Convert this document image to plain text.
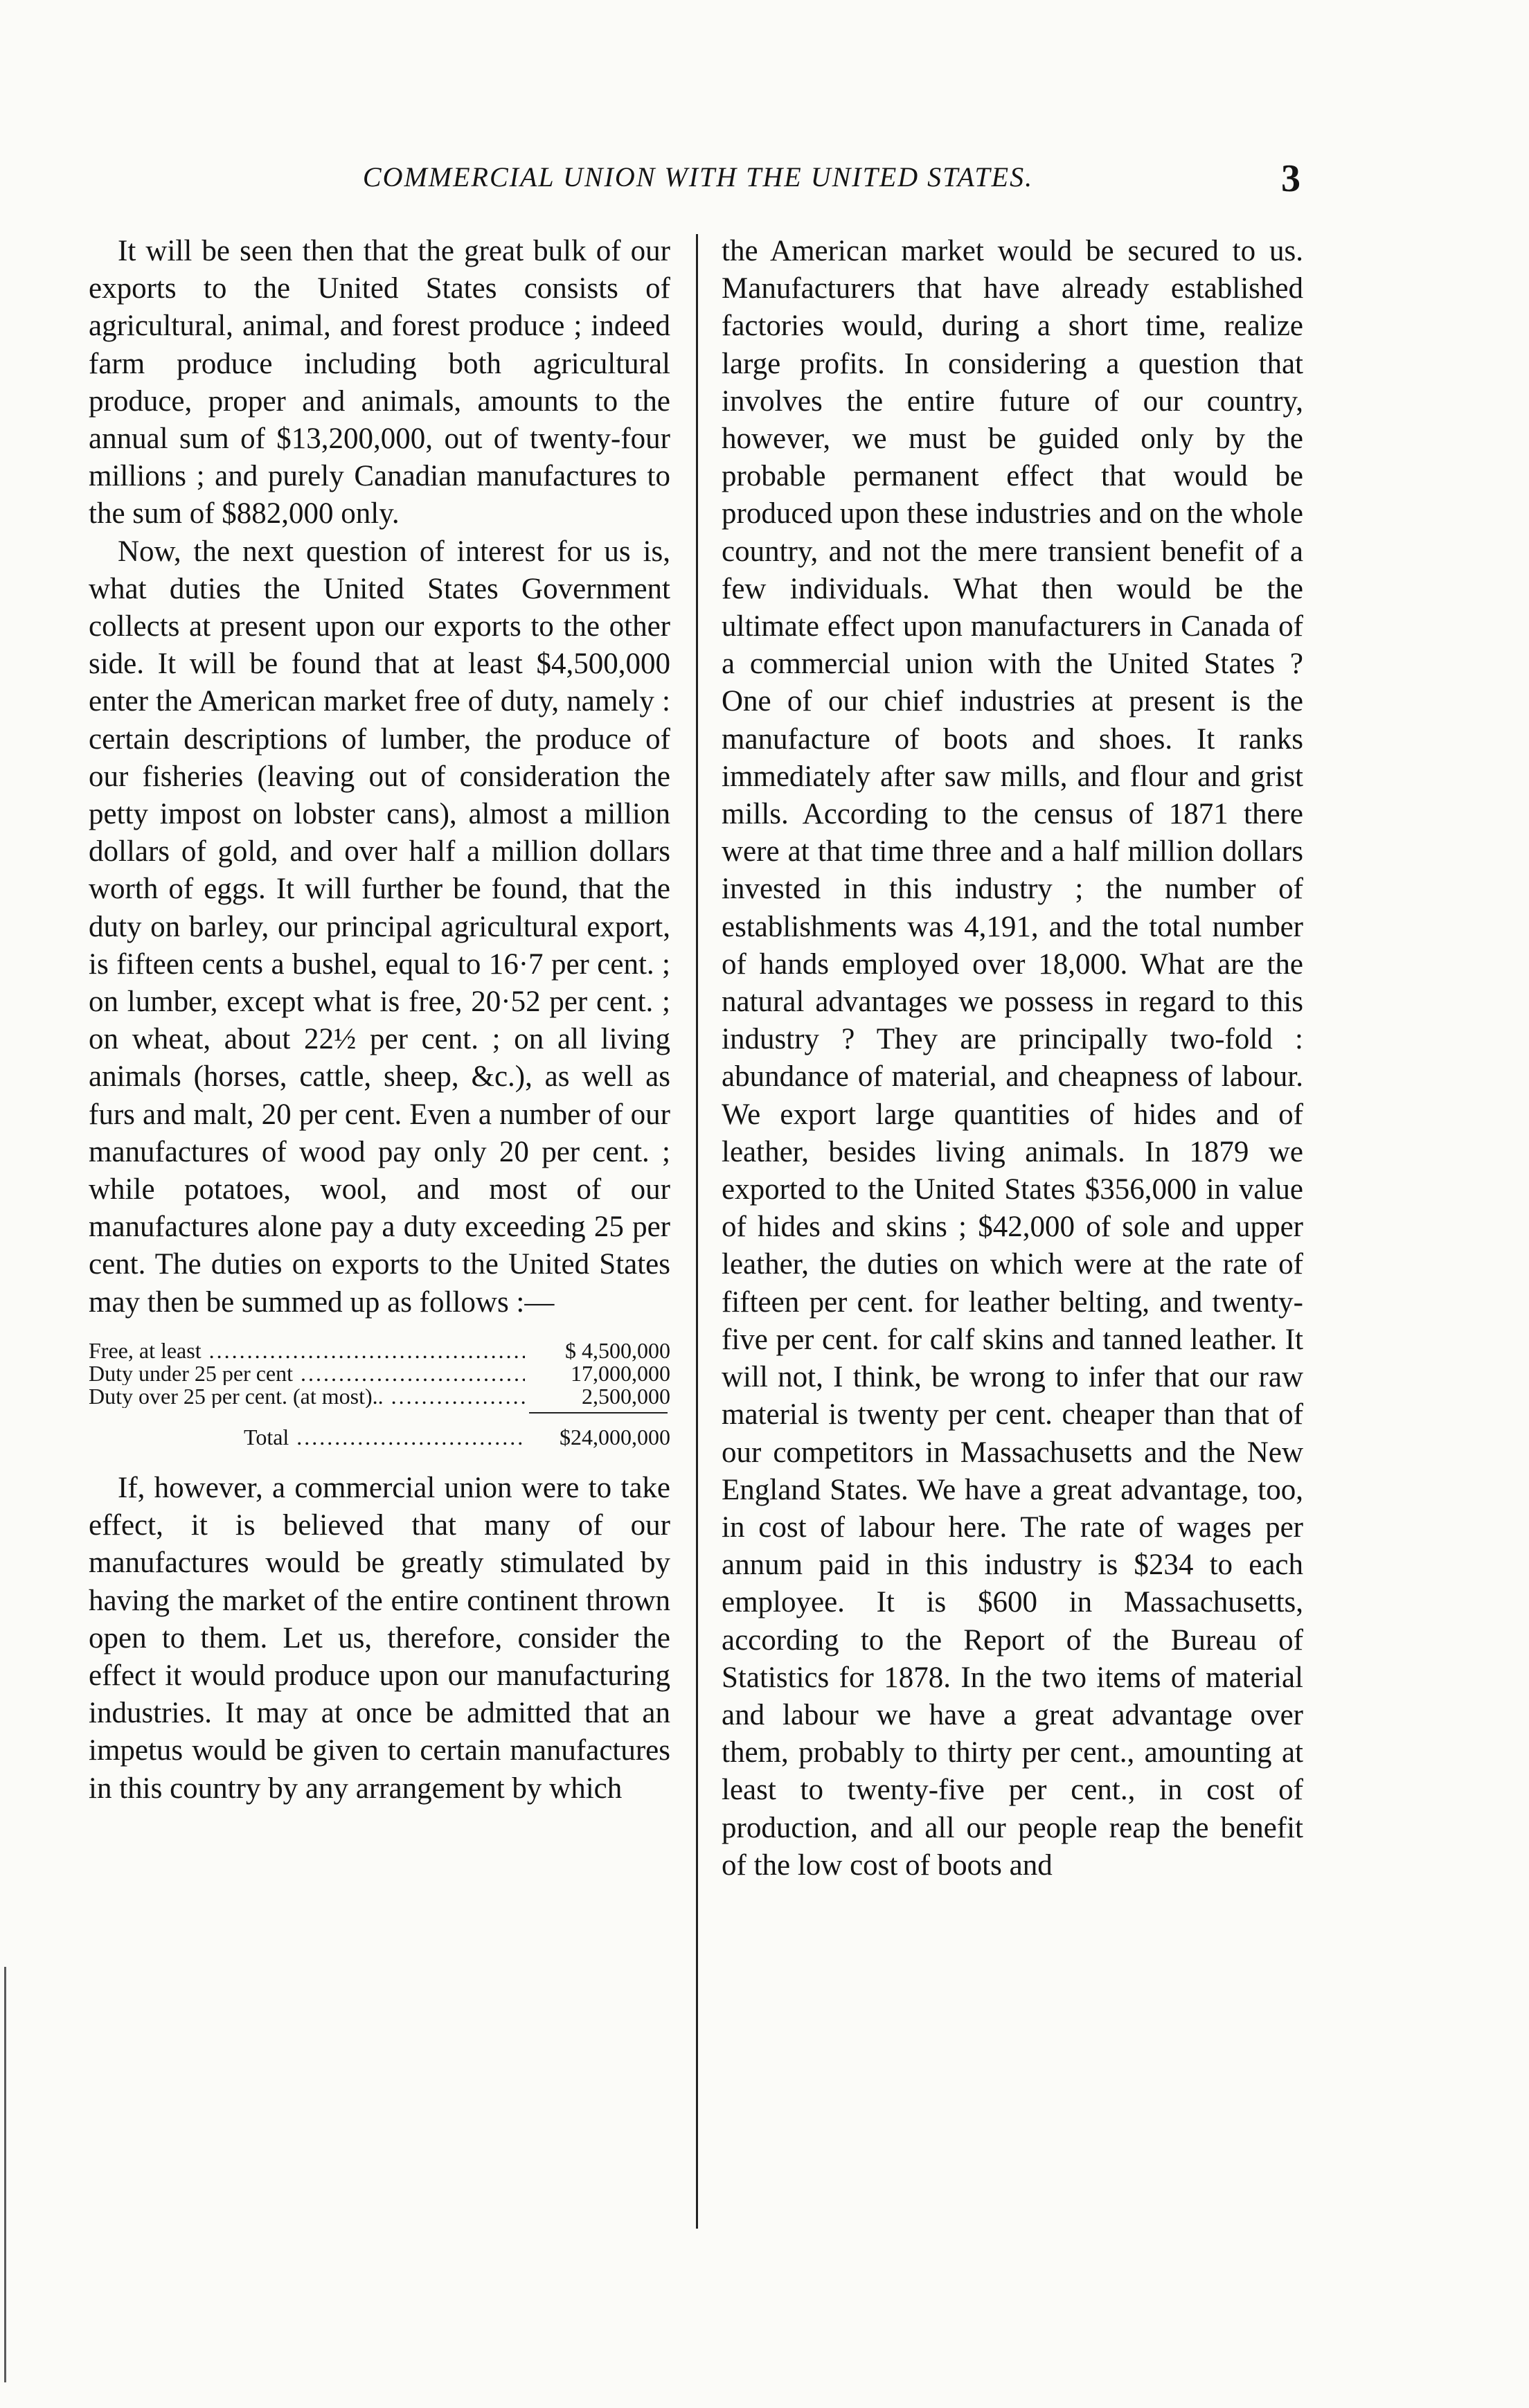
COMMERCIAL UNION WITH THE UNITED STATES.	3

It will be seen then that the great bulk of our exports to the United States consists of agricultural, animal, and forest produce ; indeed farm produce including both agricultural produce, proper and animals, amounts to the annual sum of $13,200,000, out of twenty-four millions ; and purely Canadian manufactures to the sum of $882,000 only.

Now, the next question of interest for us is, what duties the United States Government collects at present upon our exports to the other side. It will be found that at least $4,500,000 enter the American market free of duty, namely : certain descriptions of lumber, the produce of our fisheries (leaving out of consideration the petty impost on lobster cans), almost a million dollars of gold, and over half a million dollars worth of eggs. It will further be found, that the duty on barley, our principal agricultural export, is fifteen cents a bushel, equal to 16·7 per cent. ; on lumber, except what is free, 20·52 per cent. ; on wheat, about 22½ per cent. ; on all living animals (horses, cattle, sheep, &c.), as well as furs and malt, 20 per cent. Even a number of our manufactures of wood pay only 20 per cent. ; while potatoes, wool, and most of our manufactures alone pay a duty exceeding 25 per cent. The duties on exports to the United States may then be summed up as follows :—

Free, at least .....	$ 4,500,000
Duty under 25 per cent .....	17,000,000
Duty over 25 per cent. (at most).. .....	2,500,000
Total .....	$24,000,000

If, however, a commercial union were to take effect, it is believed that many of our manufactures would be greatly stimulated by having the market of the entire continent thrown open to them. Let us, therefore, consider the effect it would produce upon our manufacturing industries. It may at once be admitted that an impetus would be given to certain manufactures in this country by any arrangement by which

the American market would be secured to us. Manufacturers that have already established factories would, during a short time, realize large profits. In considering a question that involves the entire future of our country, however, we must be guided only by the probable permanent effect that would be produced upon these industries and on the whole country, and not the mere transient benefit of a few individuals. What then would be the ultimate effect upon manufacturers in Canada of a commercial union with the United States ? One of our chief industries at present is the manufacture of boots and shoes. It ranks immediately after saw mills, and flour and grist mills. According to the census of 1871 there were at that time three and a half million dollars invested in this industry ; the number of establishments was 4,191, and the total number of hands employed over 18,000. What are the natural advantages we possess in regard to this industry ? They are principally two-fold : abundance of material, and cheapness of labour. We export large quantities of hides and of leather, besides living animals. In 1879 we exported to the United States $356,000 in value of hides and skins ; $42,000 of sole and upper leather, the duties on which were at the rate of fifteen per cent. for leather belting, and twenty-five per cent. for calf skins and tanned leather. It will not, I think, be wrong to infer that our raw material is twenty per cent. cheaper than that of our competitors in Massachusetts and the New England States. We have a great advantage, too, in cost of labour here. The rate of wages per annum paid in this industry is $234 to each employee. It is $600 in Massachusetts, according to the Report of the Bureau of Statistics for 1878. In the two items of material and labour we have a great advantage over them, probably to thirty per cent., amounting at least to twenty-five per cent., in cost of production, and all our people reap the benefit of the low cost of boots and
